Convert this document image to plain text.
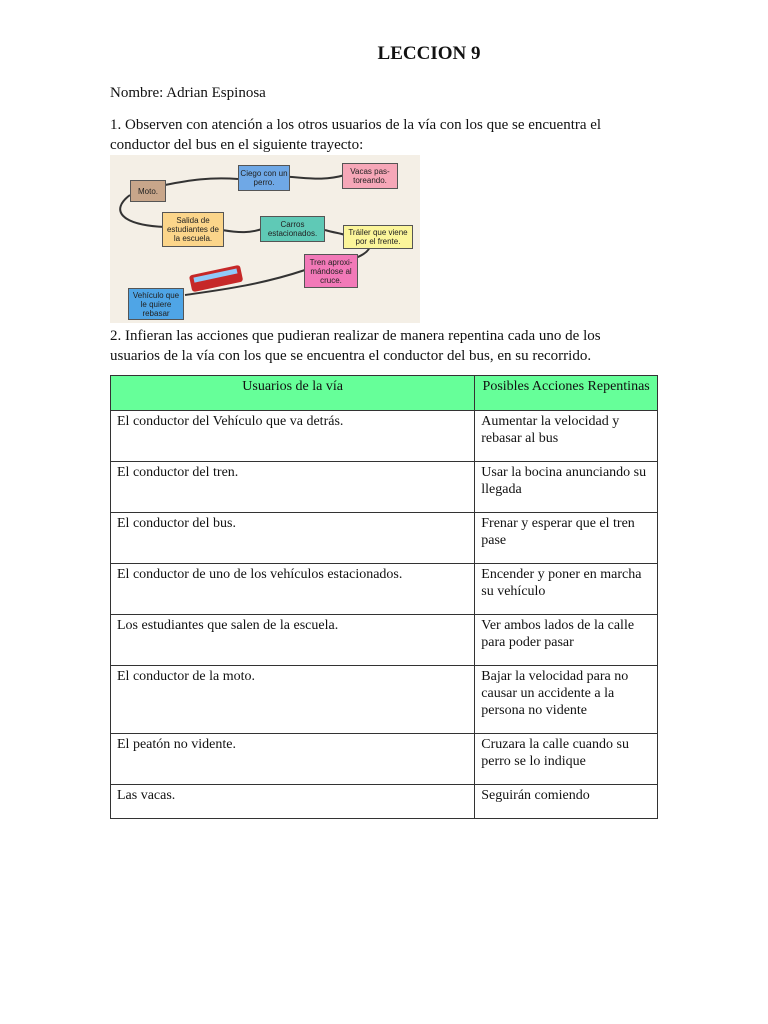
LECCION 9
Nombre: Adrian Espinosa
1. Observen con atención a los otros usuarios de la vía con los que se encuentra el conductor del bus en el siguiente trayecto:
Moto.
Ciego con un perro.
Vacas pas-toreando.
Salida de estudiantes de la escuela.
Carros estacionados.	Tráiler que viene por el frente.
Tren aproxi-mándose al cruce.
Vehículo que le quiere rebasar
2. Infieran las acciones que pudieran realizar de manera repentina cada uno de los usuarios de la vía con los que se encuentra el conductor del bus, en su recorrido.
Usuarios de la vía	Posibles Acciones Repentinas
El conductor del Vehículo que va detrás.	Aumentar la velocidad y rebasar al bus
El conductor del tren.	Usar la bocina anunciando su llegada
El conductor del bus.	Frenar y esperar que el tren pase
El conductor de uno de los vehículos estacionados.	Encender y poner en marcha su vehículo
Los estudiantes que salen de la escuela.	Ver ambos lados de la calle para poder pasar
El conductor de la moto.	Bajar la velocidad para no causar un accidente a la persona no vidente
El peatón no vidente.	Cruzara la calle cuando su perro se lo indique
Las vacas.	Seguirán comiendo
